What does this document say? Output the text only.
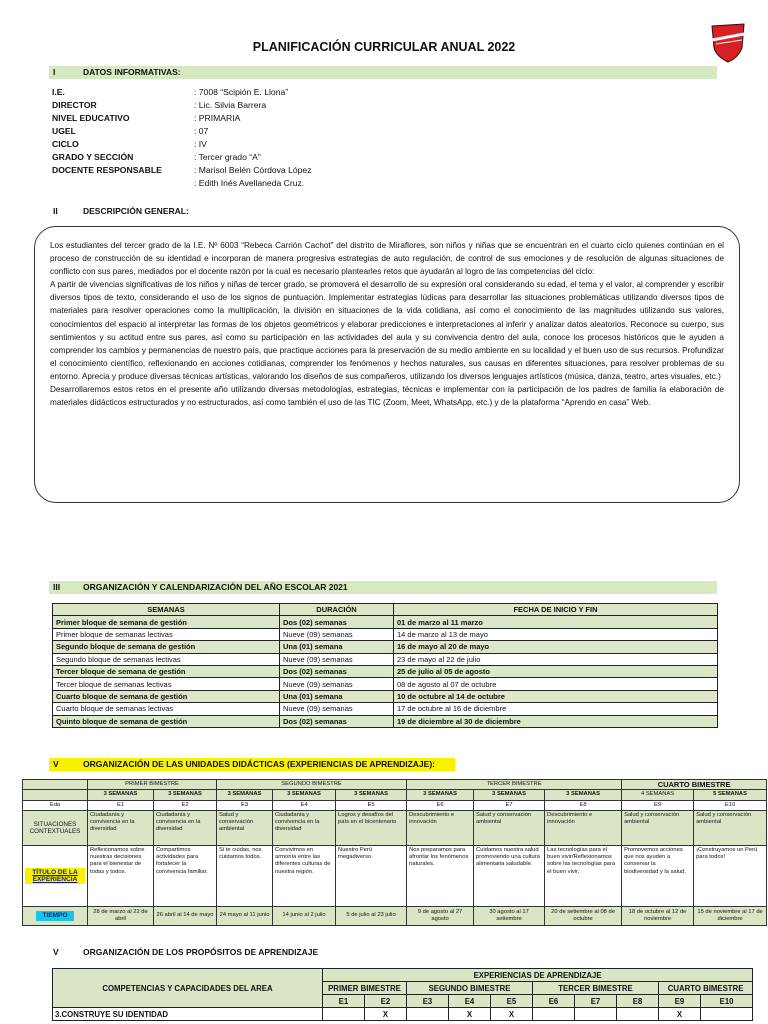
PLANIFICACIÓN CURRICULAR ANUAL 2022
I	DATOS INFORMATIVAS:
I.E.	: 7008 “Scipión E. Llona”
DIRECTOR	: Lic. Silvia Barrera
NIVEL EDUCATIVO	: PRIMARIA
UGEL	: 07
CICLO	: IV
GRADO Y SECCIÓN	: Tercer grado “A”
DOCENTE RESPONSABLE	: Marisol Belén Córdova López
: Edith Inés Avellaneda Cruz.
II	DESCRIPCIÓN GENERAL:

Los estudiantes del tercer grado de la I.E. Nº 6003 “Rebeca Carrión Cachot” del distrito de Miraflores, son niños y niñas que se encuentran en el cuarto ciclo quienes continúan en el proceso de construcción de su identidad e incorporan de manera progresiva estrategias de auto regulación, de control de sus emociones y de resolución de algunas situaciones de conflicto con sus pares, mediados por el docente razón por la cual es necesario plantearles retos que ayudarán al logro de las competencias del ciclo:

A partir de vivencias significativas de los niños y niñas de tercer grado, se promoverá el desarrollo de su expresión oral considerando su edad, el tema y el valor, al comprender y escribir diversos tipos de texto, considerando el uso de los signos de puntuación. Implementar estrategias lúdicas para desarrollar las situaciones problemáticas utilizando diversos tipos de materiales para resolver operaciones como la multiplicación, la división en situaciones de la vida cotidiana, así como el conocimiento de las magnitudes utilizando sus valores, conocimientos del espacio al interpretar las formas de los objetos geométricos y elaborar predicciones e interpretaciones al inferir y analizar datos aleatorios. Reconoce su cuerpo, sus sentimientos y su actitud entre sus pares, así como su participación en las actividades del aula y su convivencia dentro del aula, conoce los procesos históricos que le ayuden a comprender los cambios y permanencias de nuestro país, que practique acciones para la preservación de su medio ambiente en su localidad y el buen uso de sus recursos. Profundizar el conocimiento científico, reflexionando en acciones cotidianas, comprender los fenómenos y hechos naturales, sus causas en diferentes situaciones, para resolver problemas de su entorno. Aprecia y produce diversas técnicas artísticas, valorando los diseños de sus compañeros, utilizando los diversos lenguajes artísticos (música, danza, teatro, artes visuales, etc.)

Desarrollaremos estos retos en el presente año utilizando diversas metodologías, estrategias, técnicas e implementar con la participación de los padres de familia la elaboración de materiales didácticos estructurados y no estructurados, así como también el uso de las TIC (Zoom, Meet, WhatsApp, etc.) y de la plataforma “Aprendo en casa” Web.

III	ORGANIZACIÓN Y CALENDARIZACIÓN DEL AÑO ESCOLAR 2021
SEMANAS	DURACIÓN	FECHA DE INICIO Y FIN
Primer bloque de semana de gestión	Dos (02) semanas	01 de marzo al 11 marzo
Primer bloque de semanas lectivas	Nueve (09) semanas	14 de marzo al 13 de mayo
Segundo bloque de semana de gestión	Una (01) semana	16 de mayo al 20 de mayo
Segundo bloque de semanas lectivas	Nueve (09) semanas	23 de mayo al 22 de julio
Tercer bloque de semana de gestión	Dos (02) semanas	25 de julio al 05 de agosto
Tercer bloque de semanas lectivas	Nueve (09) semanas	08 de agosto al 07 de octubre
Cuarto bloque de semana de gestión	Una (01) semana	10 de octubre al 14 de octubre
Cuarto bloque de semanas lectivas	Nueve (09) semanas	17 de octubre al 16 de diciembre
Quinto bloque de semana de gestión	Dos (02) semanas	19 de diciembre al 30 de diciembre
V	ORGANIZACIÓN DE LAS UNIDADES DIDÁCTICAS (EXPERIENCIAS DE APRENDIZAJE):
	PRIMER BIMESTRE		SEGUNDO BIMESTRE			TERCER BIMESTRE			CUARTO BIMESTRE	
	3 SEMANAS	3 SEMANAS	3 SEMANAS	3 SEMANAS	3 SEMANAS	3 SEMANAS	3 SEMANAS	3 SEMANAS	4 SEMANAS	5 SEMANAS
Eda	E1	E2	E3	E4	E5	E6	E7	E8	E9	E10
SITUACIONES CONTEXTUALES	Ciudadanía y convivencia en la diversidad	Ciudadanía y convivencia en la diversidad	Salud y conservación ambiental	Ciudadanía y convivencia en la diversidad	Logros y desafíos del país en el bicentenario	Descubrimiento e innovación	Salud y conservación ambiental	Descubrimiento e innovación	Salud y conservación ambiental	Salud y conservación ambiental
TÍTULO DE LA EXPERIENCIA	Reflexionamos sobre nuestras decisiones para el bienestar de todas y todos.	Compartimos actividades para fortalecer la convivencia familiar.	Si te cuidas, nos cuidamos todos.	Convivimos en armonía entre las diferentes culturas de nuestra región.	Nuestro Perú megadiverso.	Nos preparamos para afrontar los fenómenos naturales.	Cuidamos nuestra salud promoviendo una cultura alimentaria saludable.	Las tecnologías para el buen vivir/Reflexionamos sobre las tecnologías para el buen vivir.	Promovemos acciones que nos ayuden a conservar la biodiversidad y la salud.	¡Construyamos un Perú para todos!
TIEMPO	28 de marzo al 22 de abril	26 abril al 14 de mayo	24 mayo al 11 junio	14 junio al 2 julio	5 de julio al 23 julio	9 de agosto al 27 agosto	30 agosto al 17 setiembre	20 de setiembre al 08 de octubre	18 de octubre al 12 de noviembre	15 de noviembre al 17 de diciembre
V	ORGANIZACIÓN DE LOS PROPÓSITOS DE APRENDIZAJE
COMPETENCIAS Y CAPACIDADES DEL AREA	EXPERIENCIAS DE APRENDIZAJE									
	PRIMER BIMESTRE		SEGUNDO BIMESTRE			TERCER BIMESTRE			CUARTO BIMESTRE	
	E1	E2	E3	E4	E5	E6	E7	E8	E9	E10
3.CONSTRUYE SU IDENTIDAD		X		X	X				X	
